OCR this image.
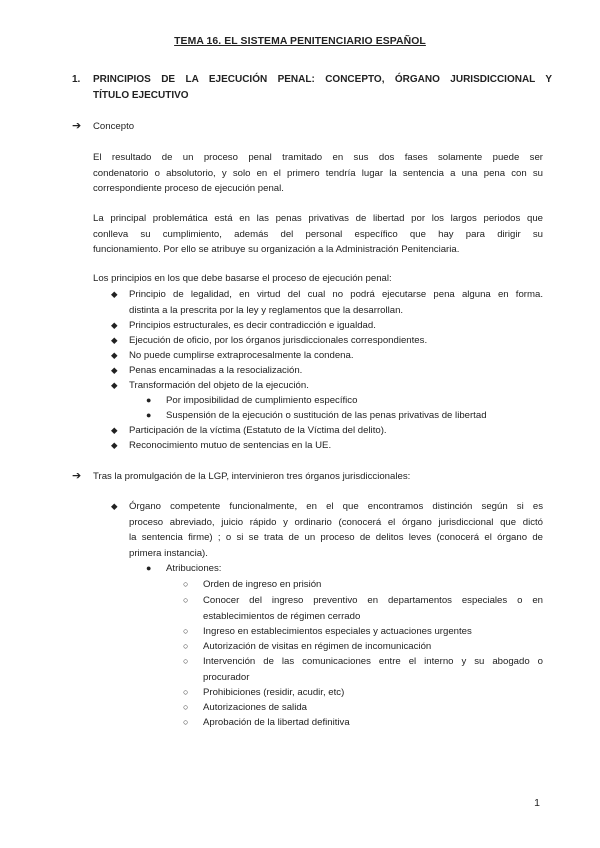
TEMA 16. EL SISTEMA PENITENCIARIO ESPAÑOL
1. PRINCIPIOS DE LA EJECUCIÓN PENAL: CONCEPTO, ÓRGANO JURISDICCIONAL Y
TÍTULO EJECUTIVO
➔ Concepto
El resultado de un proceso penal tramitado en sus dos fases solamente puede ser
condenatorio o absolutorio, y solo en el primero tendría lugar la sentencia a una pena con su
correspondiente proceso de ejecución penal.
La principal problemática está en las penas privativas de libertad por los largos periodos que
conlleva su cumplimiento, además del personal específico que hay para dirigir su
funcionamiento. Por ello se atribuye su organización a la Administración Penitenciaria.
Los principios en los que debe basarse el proceso de ejecución penal:
◆ Principio de legalidad, en virtud del cual no podrá ejecutarse pena alguna en forma.
distinta a la prescrita por la ley y reglamentos que la desarrollan.
◆ Principios estructurales, es decir contradicción e igualdad.
◆ Ejecución de oficio, por los órganos jurisdiccionales correspondientes.
◆ No puede cumplirse extraprocesalmente la condena.
◆ Penas encaminadas a la resocialización.
◆ Transformación del objeto de la ejecución.
● Por imposibilidad de cumplimiento específico
● Suspensión de la ejecución o sustitución de las penas privativas de libertad
◆ Participación de la víctima (Estatuto de la Víctima del delito).
◆ Reconocimiento mutuo de sentencias en la UE.
➔ Tras la promulgación de la LGP, intervinieron tres órganos jurisdiccionales:
◆ Órgano competente funcionalmente, en el que encontramos distinción según si es
proceso abreviado, juicio rápido y ordinario (conocerá el órgano jurisdiccional que dictó
la sentencia firme) ; o si se trata de un proceso de delitos leves (conocerá el órgano de
primera instancia).
● Atribuciones:
○ Orden de ingreso en prisión
○ Conocer del ingreso preventivo en departamentos especiales o en
establecimientos de régimen cerrado
○ Ingreso en establecimientos especiales y actuaciones urgentes
○ Autorización de visitas en régimen de incomunicación
○ Intervención de las comunicaciones entre el interno y su abogado o
procurador
○ Prohibiciones (residir, acudir, etc)
○ Autorizaciones de salida
○ Aprobación de la libertad definitiva
1
